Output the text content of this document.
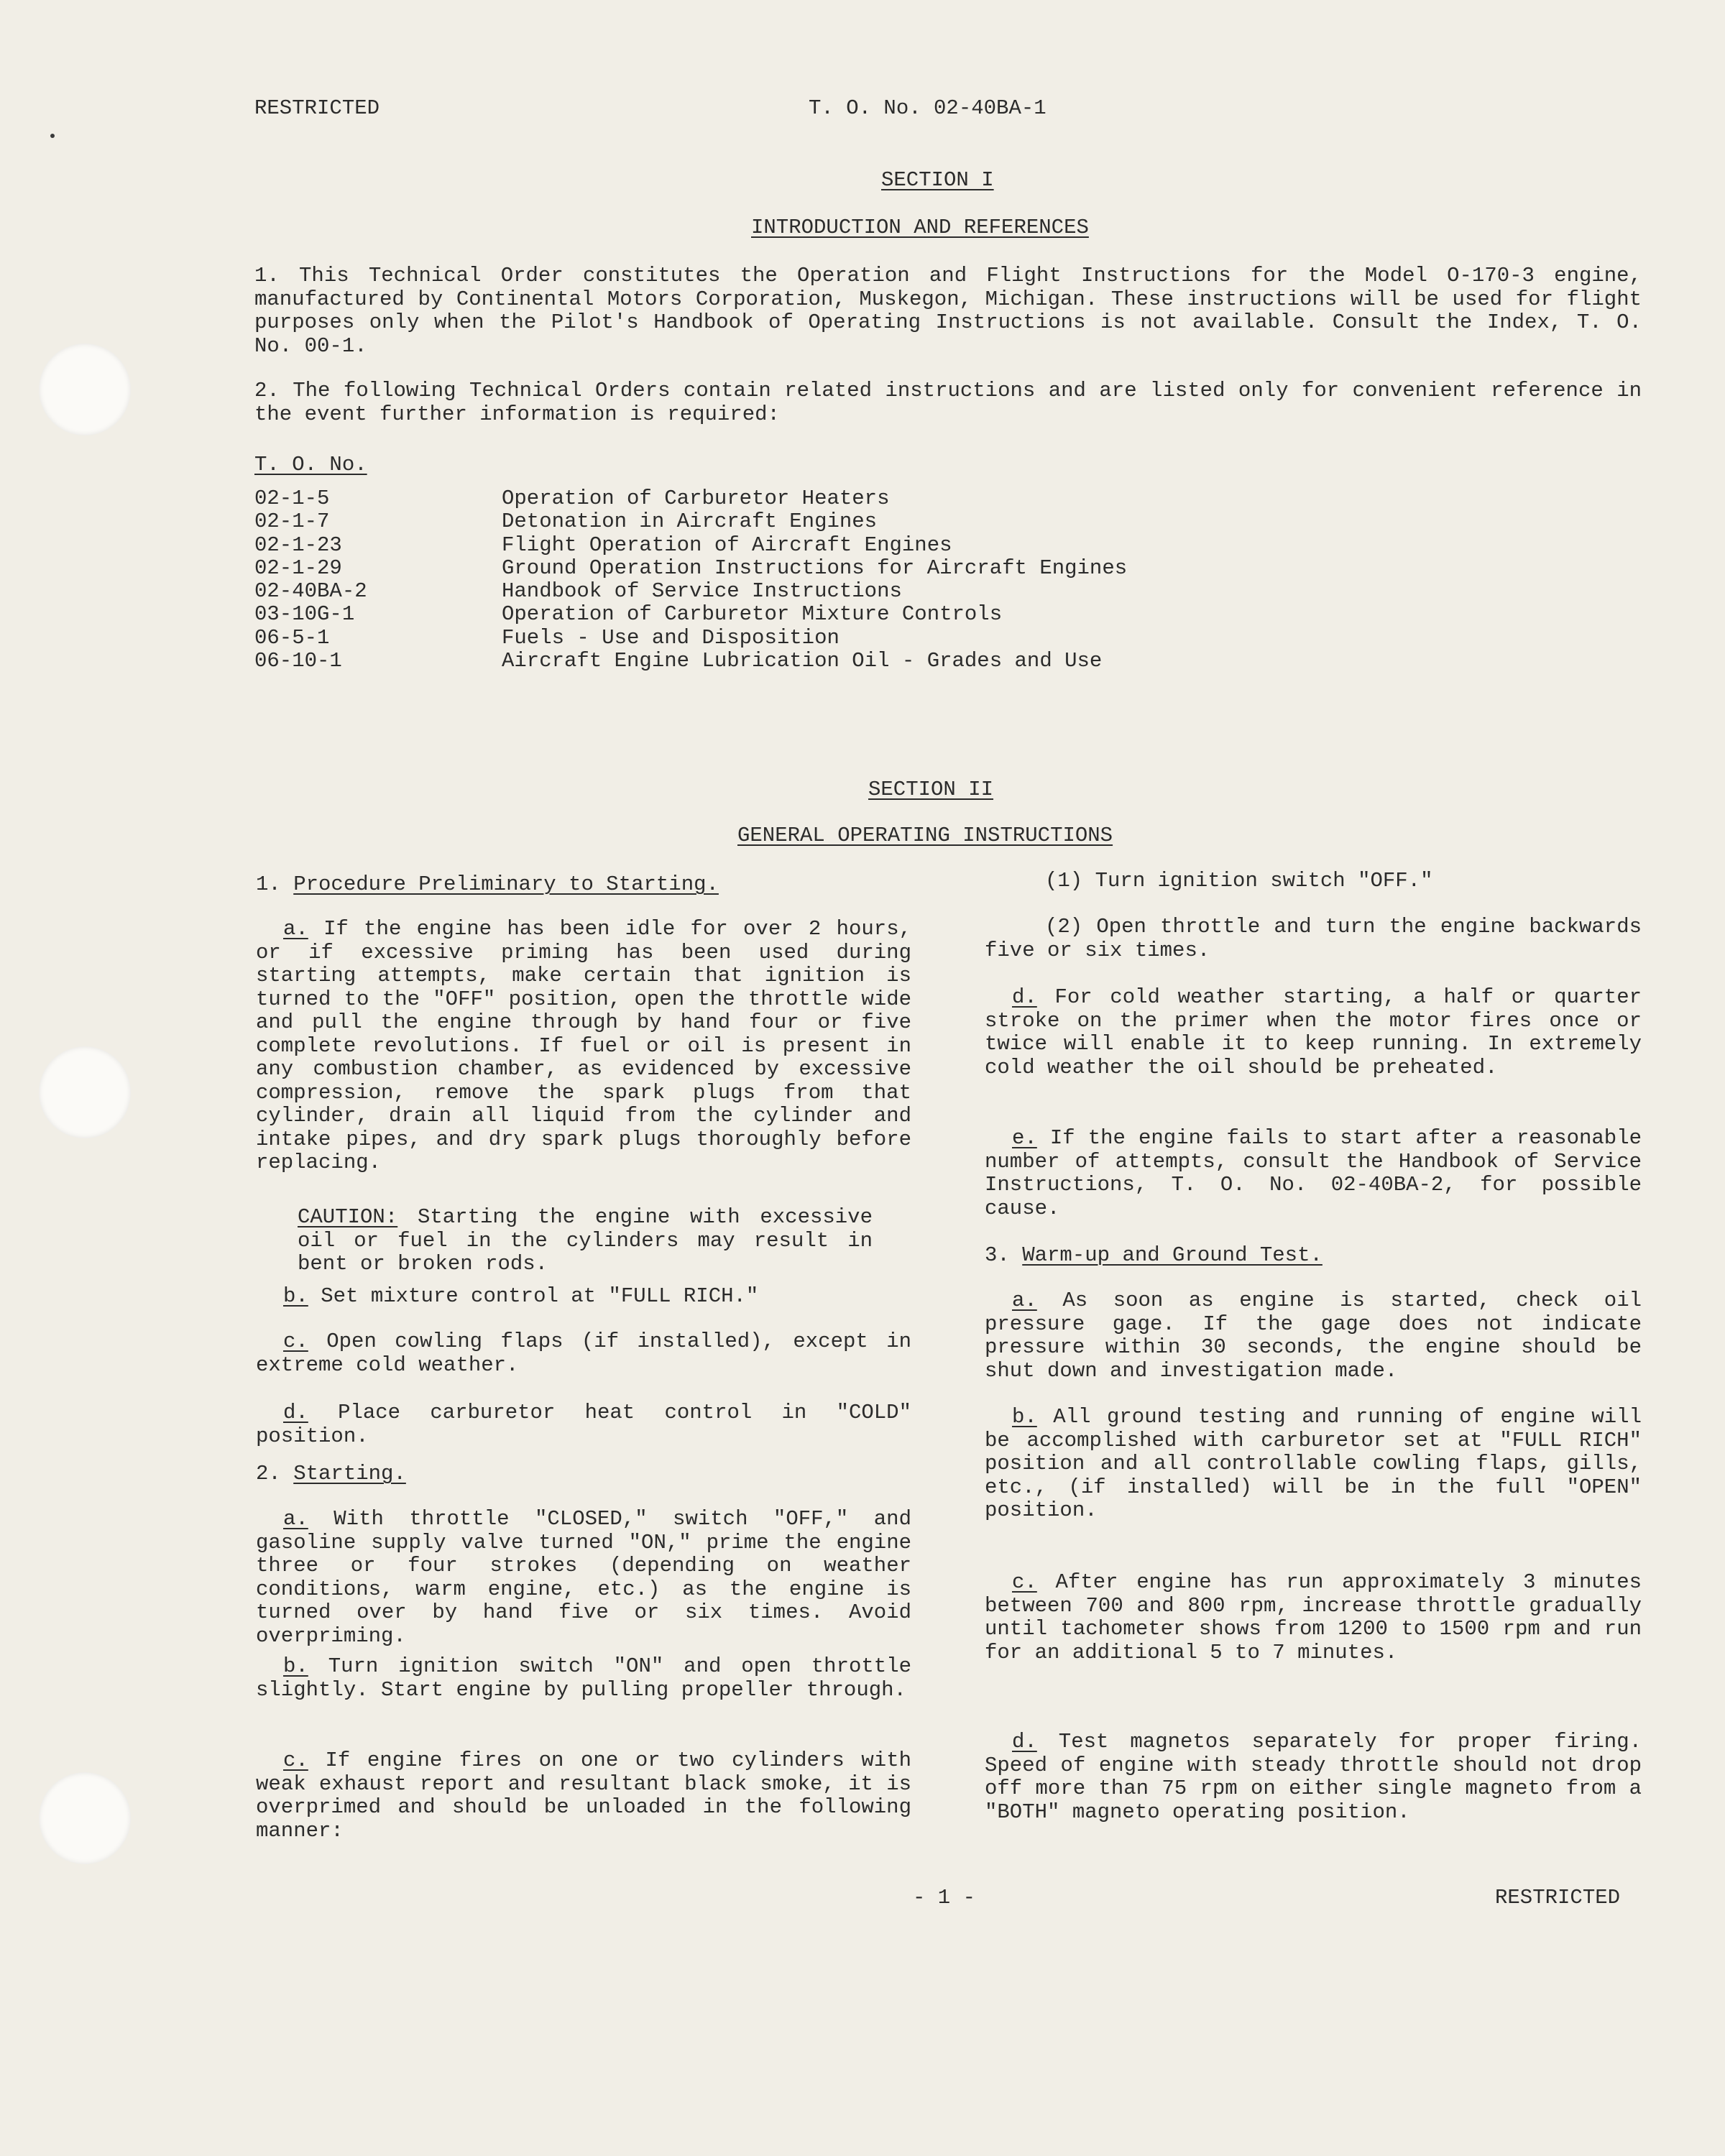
RESTRICTED	T. O. No. 02-40BA-1
SECTION I
INTRODUCTION AND REFERENCES

1. This Technical Order constitutes the Operation and Flight Instructions for the Model O-170-3 engine, manufactured by Continental Motors Corporation, Muskegon, Michigan. These instructions will be used for flight purposes only when the Pilot's Handbook of Operating Instructions is not available. Consult the Index, T. O. No. 00-1.

2. The following Technical Orders contain related instructions and are listed only for convenient reference in the event further information is required:

T. O. No.
02-1-5	Operation of Carburetor Heaters
02-1-7	Detonation in Aircraft Engines
02-1-23	Flight Operation of Aircraft Engines
02-1-29	Ground Operation Instructions for Aircraft Engines
02-40BA-2	Handbook of Service Instructions
03-10G-1	Operation of Carburetor Mixture Controls
06-5-1	Fuels - Use and Disposition
06-10-1	Aircraft Engine Lubrication Oil - Grades and Use
SECTION II
GENERAL OPERATING INSTRUCTIONS
1. Procedure Preliminary to Starting.

a. If the engine has been idle for over 2 hours, or if excessive priming has been used during starting attempts, make certain that ignition is turned to the "OFF" position, open the throttle wide and pull the engine through by hand four or five complete revolutions. If fuel or oil is present in any combustion chamber, as evidenced by excessive compression, remove the spark plugs from that cylinder, drain all liquid from the cylinder and intake pipes, and dry spark plugs thoroughly before replacing.

CAUTION: Starting the engine with excessive oil or fuel in the cylinders may result in bent or broken rods.

b. Set mixture control at "FULL RICH."

c. Open cowling flaps (if installed), except in extreme cold weather.

d. Place carburetor heat control in "COLD" position.

2. Starting.

a. With throttle "CLOSED," switch "OFF," and gasoline supply valve turned "ON," prime the engine three or four strokes (depending on weather conditions, warm engine, etc.) as the engine is turned over by hand five or six times. Avoid overpriming.

b. Turn ignition switch "ON" and open throttle slightly. Start engine by pulling propeller through.

c. If engine fires on one or two cylinders with weak exhaust report and resultant black smoke, it is overprimed and should be unloaded in the following manner:

(1) Turn ignition switch "OFF."

(2) Open throttle and turn the engine backwards five or six times.

d. For cold weather starting, a half or quarter stroke on the primer when the motor fires once or twice will enable it to keep running. In extremely cold weather the oil should be preheated.

e. If the engine fails to start after a reasonable number of attempts, consult the Handbook of Service Instructions, T. O. No. 02-40BA-2, for possible cause.

3. Warm-up and Ground Test.

a. As soon as engine is started, check oil pressure gage. If the gage does not indicate pressure within 30 seconds, the engine should be shut down and investigation made.

b. All ground testing and running of engine will be accomplished with carburetor set at "FULL RICH" position and all controllable cowling flaps, gills, etc., (if installed) will be in the full "OPEN" position.

c. After engine has run approximately 3 minutes between 700 and 800 rpm, increase throttle gradually until tachometer shows from 1200 to 1500 rpm and run for an additional 5 to 7 minutes.

d. Test magnetos separately for proper firing. Speed of engine with steady throttle should not drop off more than 75 rpm on either single magneto from a "BOTH" magneto operating position.

- 1 -	RESTRICTED
